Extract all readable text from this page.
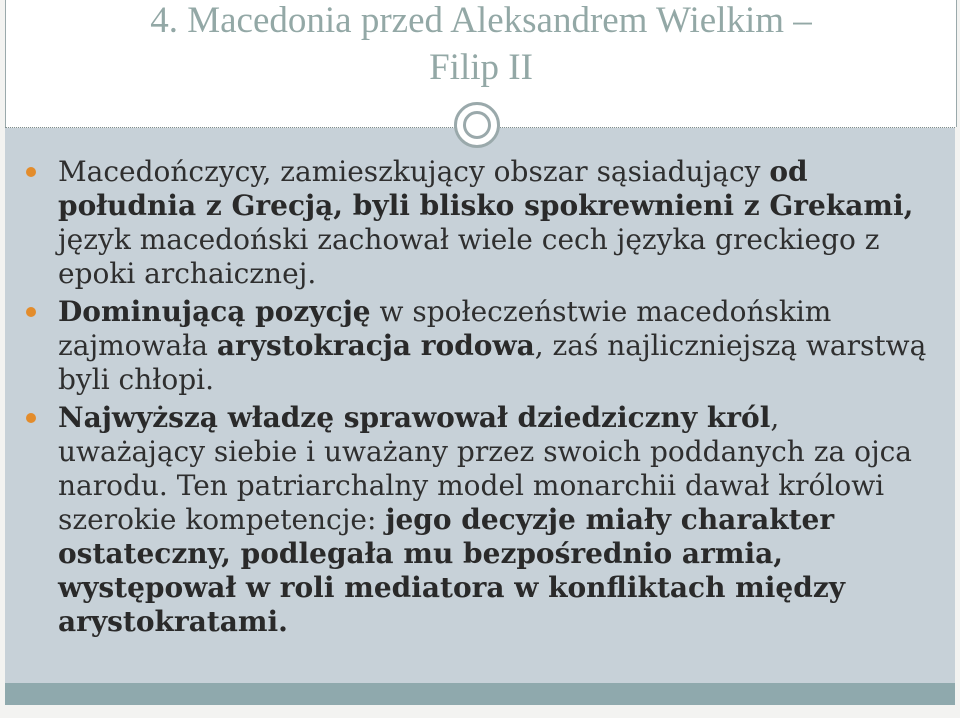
4. Macedonia przed Aleksandrem Wielkim –
Filip II
Macedończycy, zamieszkujący obszar sąsiadujący od południa z Grecją, byli blisko spokrewnieni z Grekami, język macedoński zachował wiele cech języka greckiego z epoki archaicznej.
Dominującą pozycję w społeczeństwie macedońskim zajmowała arystokracja rodowa, zaś najliczniejszą warstwą byli chłopi.
Najwyższą władzę sprawował dziedziczny król, uważający siebie i uważany przez swoich poddanych za ojca narodu. Ten patriarchalny model monarchii dawał królowi szerokie kompetencje: jego decyzje miały charakter ostateczny, podlegała mu bezpośrednio armia, występował w roli mediatora w konfliktach między arystokratami.
